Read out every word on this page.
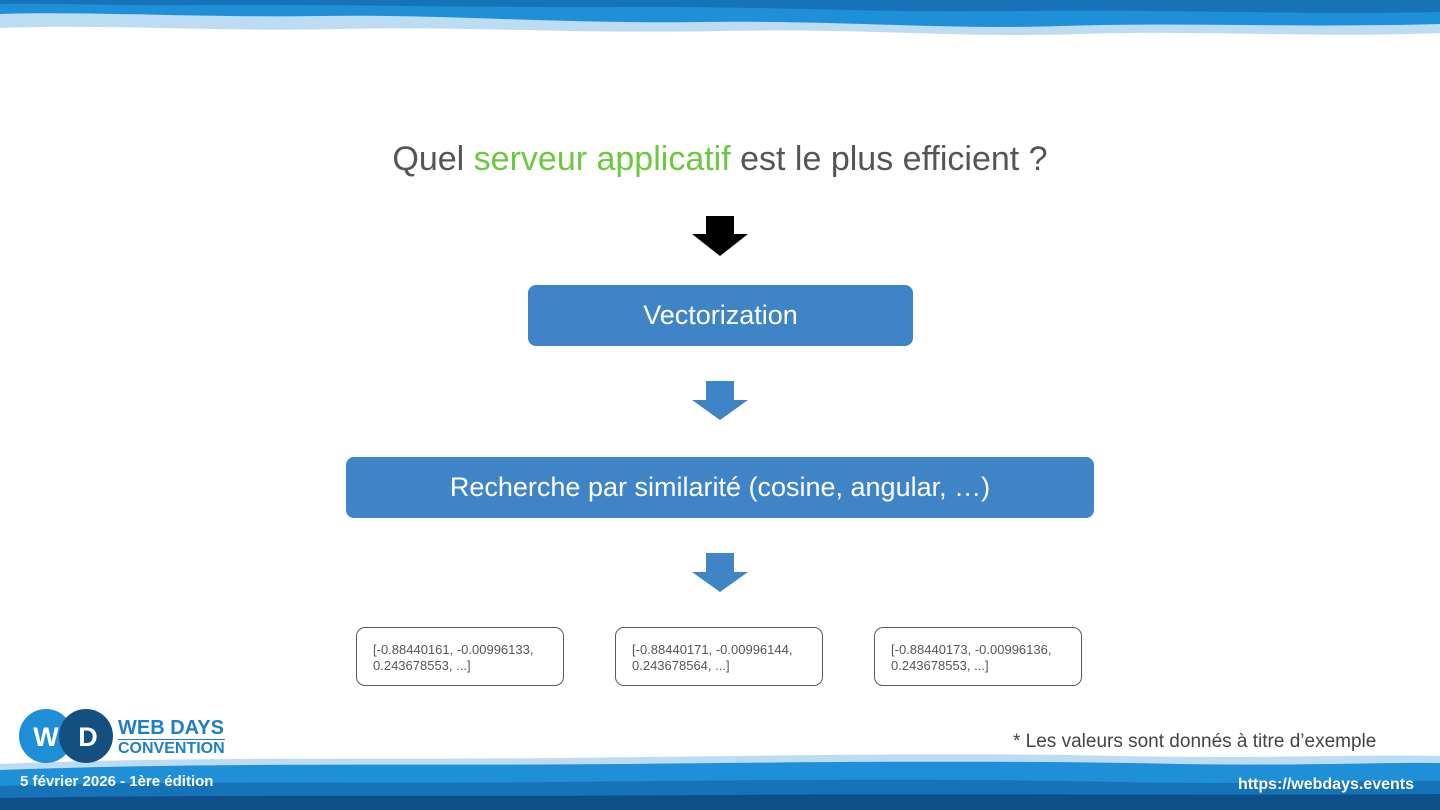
Quel serveur applicatif est le plus efficient ?
Vectorization
Recherche par similarité (cosine, angular, …)
[-0.88440161, -0.00996133,
0.243678553, ...]
[-0.88440171, -0.00996144,
0.243678564, ...]
[-0.88440173, -0.00996136,
0.243678553, ...]
W D WEB DAYS
CONVENTION	* Les valeurs sont donnés à titre d’exemple
5 février 2026 - 1ère édition	https://webdays.events
